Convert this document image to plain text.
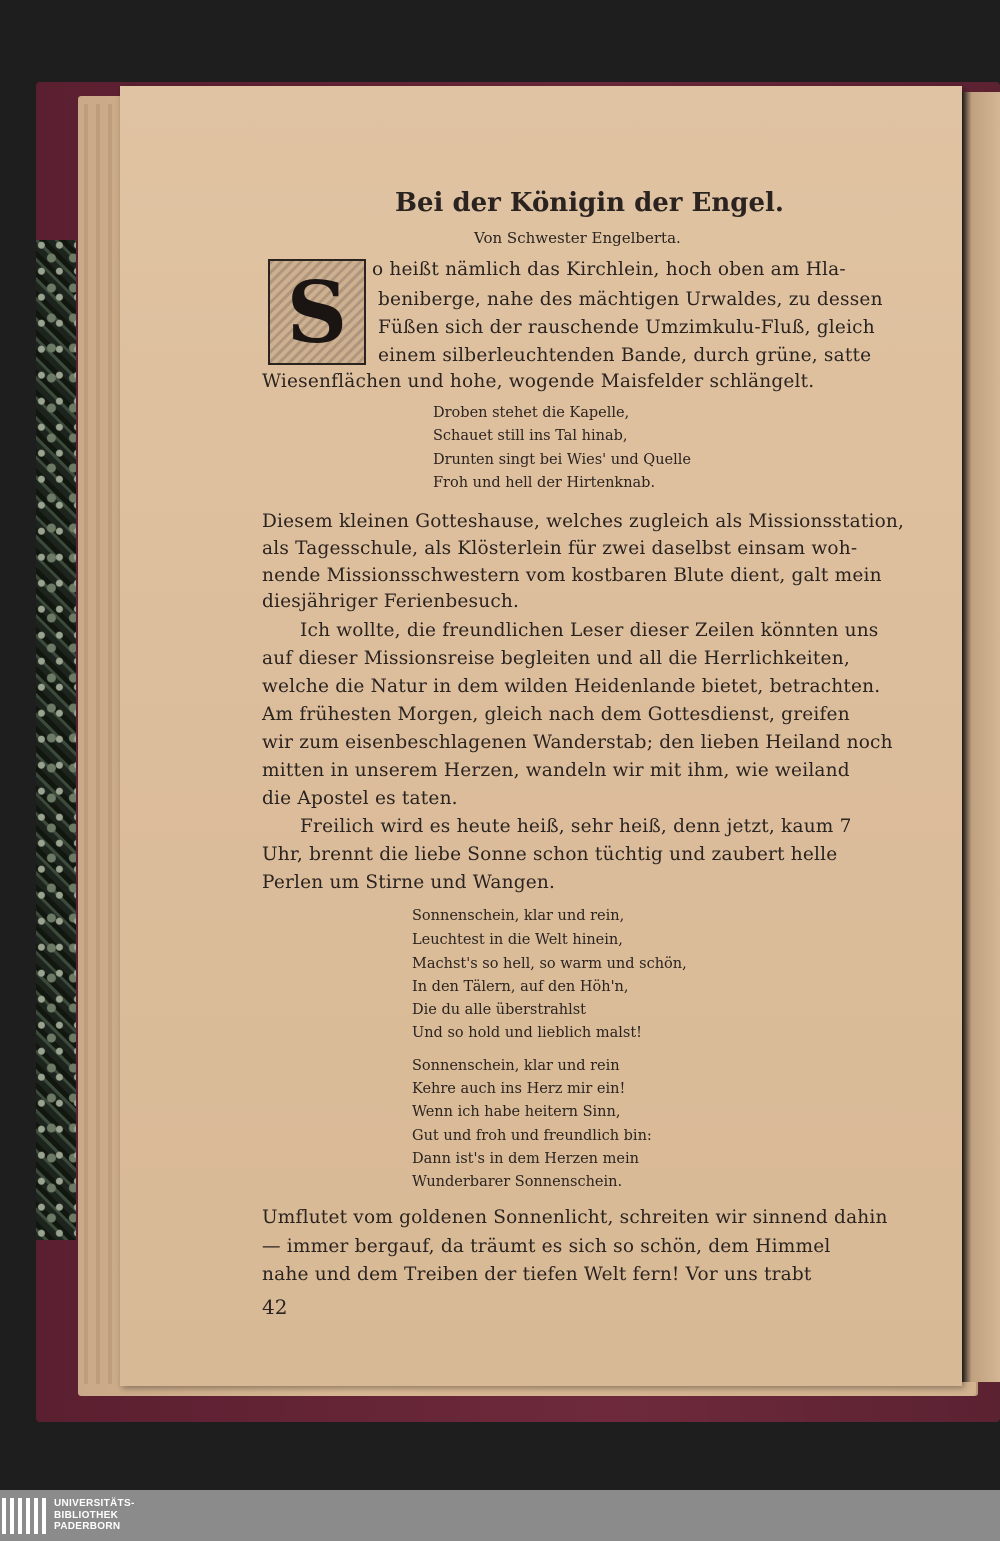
Bei der Königin der Engel.
Von Schwester Engelberta.
S	o heißt nämlich das Kirchlein, hoch oben am Hla-
beniberge, nahe des mächtigen Urwaldes, zu dessen
Füßen sich der rauschende Umzimkulu-Fluß, gleich
einem silberleuchtenden Bande, durch grüne, satte
Wiesenflächen und hohe, wogende Maisfelder schlängelt.
Droben stehet die Kapelle,
Schauet still ins Tal hinab,
Drunten singt bei Wies' und Quelle
Froh und hell der Hirtenknab.
Diesem kleinen Gotteshause, welches zugleich als Missionsstation,
als Tagesschule, als Klösterlein für zwei daselbst einsam woh-
nende Missionsschwestern vom kostbaren Blute dient, galt mein
diesjähriger Ferienbesuch.
Ich wollte, die freundlichen Leser dieser Zeilen könnten uns
auf dieser Missionsreise begleiten und all die Herrlichkeiten,
welche die Natur in dem wilden Heidenlande bietet, betrachten.
Am frühesten Morgen, gleich nach dem Gottesdienst, greifen
wir zum eisenbeschlagenen Wanderstab; den lieben Heiland noch
mitten in unserem Herzen, wandeln wir mit ihm, wie weiland
die Apostel es taten.
Freilich wird es heute heiß, sehr heiß, denn jetzt, kaum 7
Uhr, brennt die liebe Sonne schon tüchtig und zaubert helle
Perlen um Stirne und Wangen.
Sonnenschein, klar und rein,
Leuchtest in die Welt hinein,
Machst's so hell, so warm und schön,
In den Tälern, auf den Höh'n,
Die du alle überstrahlst
Und so hold und lieblich malst!
Sonnenschein, klar und rein
Kehre auch ins Herz mir ein!
Wenn ich habe heitern Sinn,
Gut und froh und freundlich bin:
Dann ist's in dem Herzen mein
Wunderbarer Sonnenschein.
Umflutet vom goldenen Sonnenlicht, schreiten wir sinnend dahin
— immer bergauf, da träumt es sich so schön, dem Himmel
nahe und dem Treiben der tiefen Welt fern! Vor uns trabt
42
UNIVERSITÄTS-
BIBLIOTHEK
PADERBORN
